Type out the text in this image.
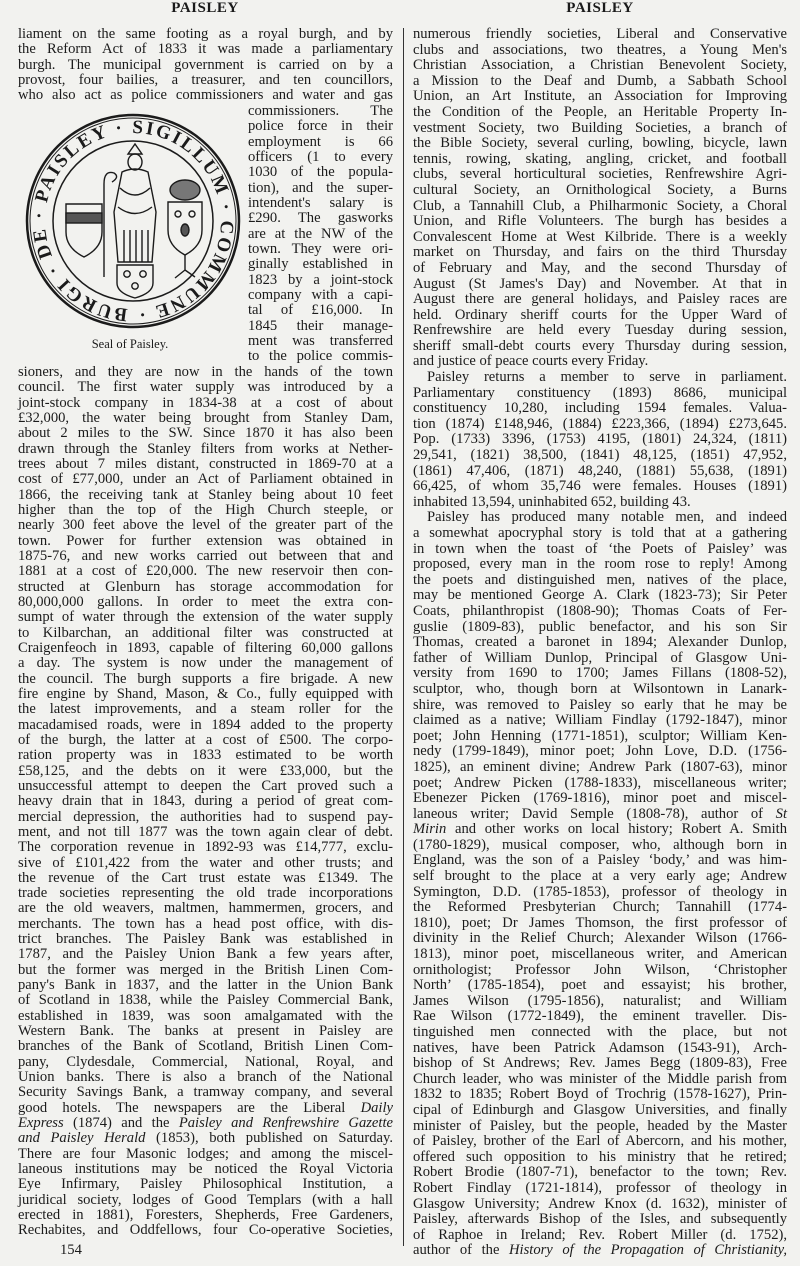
PAISLEY	PAISLEY
liament on the same footing as a royal burgh, and by
the Reform Act of 1833 it was made a parliamentary
burgh. The municipal government is carried on by a
provost, four bailies, a treasurer, and ten councillors,
who also act as police commissioners and water and gas
BURGI · DE · PAISLEY · SIGILLUM · COMMUNE ·
Seal of Paisley.
commissioners. The
police force in their
employment is 66
officers (1 to every
1030 of the popula-
tion), and the super-
intendent's salary is
£290. The gasworks
are at the NW of the
town. They were ori-
ginally established in
1823 by a joint-stock
company with a capi-
tal of £16,000. In
1845 their manage-
ment was transferred
to the police commis-
sioners, and they are now in the hands of the town
council. The first water supply was introduced by a
joint-stock company in 1834-38 at a cost of about
£32,000, the water being brought from Stanley Dam,
about 2 miles to the SW. Since 1870 it has also been
drawn through the Stanley filters from works at Nether-
trees about 7 miles distant, constructed in 1869-70 at a
cost of £77,000, under an Act of Parliament obtained in
1866, the receiving tank at Stanley being about 10 feet
higher than the top of the High Church steeple, or
nearly 300 feet above the level of the greater part of the
town. Power for further extension was obtained in
1875-76, and new works carried out between that and
1881 at a cost of £20,000. The new reservoir then con-
structed at Glenburn has storage accommodation for
80,000,000 gallons. In order to meet the extra con-
sumpt of water through the extension of the water supply
to Kilbarchan, an additional filter was constructed at
Craigenfeoch in 1893, capable of filtering 60,000 gallons
a day. The system is now under the management of
the council. The burgh supports a fire brigade. A new
fire engine by Shand, Mason, & Co., fully equipped with
the latest improvements, and a steam roller for the
macadamised roads, were in 1894 added to the property
of the burgh, the latter at a cost of £500. The corpo-
ration property was in 1833 estimated to be worth
£58,125, and the debts on it were £33,000, but the
unsuccessful attempt to deepen the Cart proved such a
heavy drain that in 1843, during a period of great com-
mercial depression, the authorities had to suspend pay-
ment, and not till 1877 was the town again clear of debt.
The corporation revenue in 1892-93 was £14,777, exclu-
sive of £101,422 from the water and other trusts; and
the revenue of the Cart trust estate was £1349. The
trade societies representing the old trade incorporations
are the old weavers, maltmen, hammermen, grocers, and
merchants. The town has a head post office, with dis-
trict branches. The Paisley Bank was established in
1787, and the Paisley Union Bank a few years after,
but the former was merged in the British Linen Com-
pany's Bank in 1837, and the latter in the Union Bank
of Scotland in 1838, while the Paisley Commercial Bank,
established in 1839, was soon amalgamated with the
Western Bank. The banks at present in Paisley are
branches of the Bank of Scotland, British Linen Com-
pany, Clydesdale, Commercial, National, Royal, and
Union banks. There is also a branch of the National
Security Savings Bank, a tramway company, and several
good hotels. The newspapers are the Liberal Daily
Express (1874) and the Paisley and Renfrewshire Gazette
and Paisley Herald (1853), both published on Saturday.
There are four Masonic lodges; and among the miscel-
laneous institutions may be noticed the Royal Victoria
Eye Infirmary, Paisley Philosophical Institution, a
juridical society, lodges of Good Templars (with a hall
erected in 1881), Foresters, Shepherds, Free Gardeners,
Rechabites, and Oddfellows, four Co-operative Societies,
numerous friendly societies, Liberal and Conservative
clubs and associations, two theatres, a Young Men's
Christian Association, a Christian Benevolent Society,
a Mission to the Deaf and Dumb, a Sabbath School
Union, an Art Institute, an Association for Improving
the Condition of the People, an Heritable Property In-
vestment Society, two Building Societies, a branch of
the Bible Society, several curling, bowling, bicycle, lawn
tennis, rowing, skating, angling, cricket, and football
clubs, several horticultural societies, Renfrewshire Agri-
cultural Society, an Ornithological Society, a Burns
Club, a Tannahill Club, a Philharmonic Society, a Choral
Union, and Rifle Volunteers. The burgh has besides a
Convalescent Home at West Kilbride. There is a weekly
market on Thursday, and fairs on the third Thursday
of February and May, and the second Thursday of
August (St James's Day) and November. At that in
August there are general holidays, and Paisley races are
held. Ordinary sheriff courts for the Upper Ward of
Renfrewshire are held every Tuesday during session,
sheriff small-debt courts every Thursday during session,
and justice of peace courts every Friday.
Paisley returns a member to serve in parliament.
Parliamentary constituency (1893) 8686, municipal
constituency 10,280, including 1594 females. Valua-
tion (1874) £148,946, (1884) £223,366, (1894) £273,645.
Pop. (1733) 3396, (1753) 4195, (1801) 24,324, (1811)
29,541, (1821) 38,500, (1841) 48,125, (1851) 47,952,
(1861) 47,406, (1871) 48,240, (1881) 55,638, (1891)
66,425, of whom 35,746 were females. Houses (1891)
inhabited 13,594, uninhabited 652, building 43.
Paisley has produced many notable men, and indeed
a somewhat apocryphal story is told that at a gathering
in town when the toast of ‘the Poets of Paisley’ was
proposed, every man in the room rose to reply! Among
the poets and distinguished men, natives of the place,
may be mentioned George A. Clark (1823-73); Sir Peter
Coats, philanthropist (1808-90); Thomas Coats of Fer-
guslie (1809-83), public benefactor, and his son Sir
Thomas, created a baronet in 1894; Alexander Dunlop,
father of William Dunlop, Principal of Glasgow Uni-
versity from 1690 to 1700; James Fillans (1808-52),
sculptor, who, though born at Wilsontown in Lanark-
shire, was removed to Paisley so early that he may be
claimed as a native; William Findlay (1792-1847), minor
poet; John Henning (1771-1851), sculptor; William Ken-
nedy (1799-1849), minor poet; John Love, D.D. (1756-
1825), an eminent divine; Andrew Park (1807-63), minor
poet; Andrew Picken (1788-1833), miscellaneous writer;
Ebenezer Picken (1769-1816), minor poet and miscel-
laneous writer; David Semple (1808-78), author of St
Mirin and other works on local history; Robert A. Smith
(1780-1829), musical composer, who, although born in
England, was the son of a Paisley ‘body,’ and was him-
self brought to the place at a very early age; Andrew
Symington, D.D. (1785-1853), professor of theology in
the Reformed Presbyterian Church; Tannahill (1774-
1810), poet; Dr James Thomson, the first professor of
divinity in the Relief Church; Alexander Wilson (1766-
1813), minor poet, miscellaneous writer, and American
ornithologist; Professor John Wilson, ‘Christopher
North’ (1785-1854), poet and essayist; his brother,
James Wilson (1795-1856), naturalist; and William
Rae Wilson (1772-1849), the eminent traveller. Dis-
tinguished men connected with the place, but not
natives, have been Patrick Adamson (1543-91), Arch-
bishop of St Andrews; Rev. James Begg (1809-83), Free
Church leader, who was minister of the Middle parish from
1832 to 1835; Robert Boyd of Trochrig (1578-1627), Prin-
cipal of Edinburgh and Glasgow Universities, and finally
minister of Paisley, but the people, headed by the Master
of Paisley, brother of the Earl of Abercorn, and his mother,
offered such opposition to his ministry that he retired;
Robert Brodie (1807-71), benefactor to the town; Rev.
Robert Findlay (1721-1814), professor of theology in
Glasgow University; Andrew Knox (d. 1632), minister of
Paisley, afterwards Bishop of the Isles, and subsequently
of Raphoe in Ireland; Rev. Robert Miller (d. 1752),
author of the History of the Propagation of Christianity,
154
